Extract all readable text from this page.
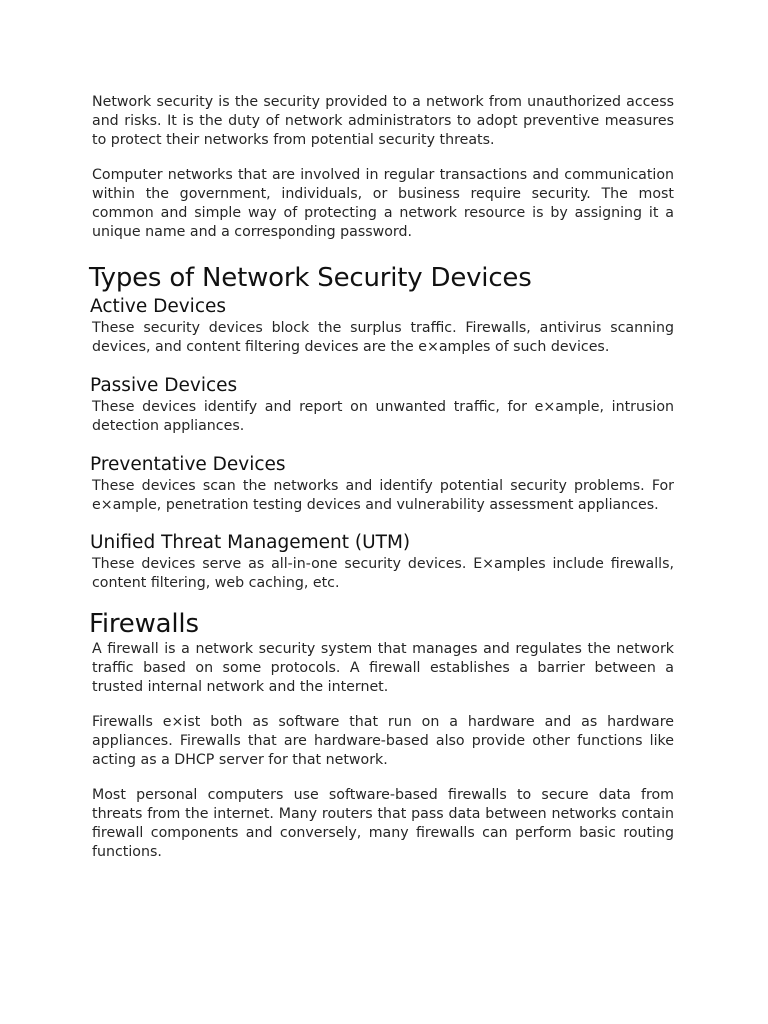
Network security is the security provided to a network from unauthorized access and risks. It is the duty of network administrators to adopt preventive measures to protect their networks from potential security threats.

Computer networks that are involved in regular transactions and communication within the government, individuals, or business require security. The most common and simple way of protecting a network resource is by assigning it a unique name and a corresponding password.

Types of Network Security Devices
Active Devices

These security devices block the surplus traffic. Firewalls, antivirus scanning devices, and content filtering devices are the e×amples of such devices.

Passive Devices

These devices identify and report on unwanted traffic, for e×ample, intrusion detection appliances.

Preventative Devices

These devices scan the networks and identify potential security problems. For e×ample, penetration testing devices and vulnerability assessment appliances.

Unified Threat Management (UTM)

These devices serve as all-in-one security devices. E×amples include firewalls, content filtering, web caching, etc.

Firewalls

A firewall is a network security system that manages and regulates the network traffic based on some protocols. A firewall establishes a barrier between a trusted internal network and the internet.

Firewalls e×ist both as software that run on a hardware and as hardware appliances. Firewalls that are hardware-based also provide other functions like acting as a DHCP server for that network.

Most personal computers use software-based firewalls to secure data from threats from the internet. Many routers that pass data between networks contain firewall components and conversely, many firewalls can perform basic routing functions.
